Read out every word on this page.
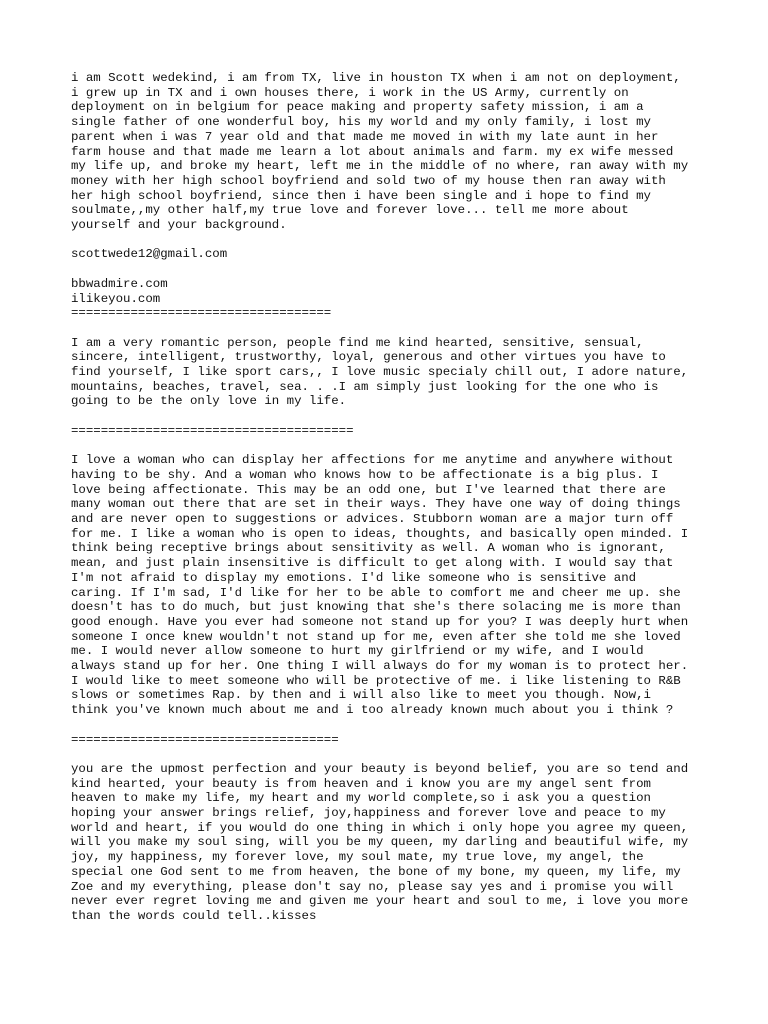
i am Scott wedekind, i am from TX, live in houston TX when i am not on deployment,

i grew up in TX and i own houses there, i work in the US Army, currently on

deployment on in belgium for peace making and property safety mission, i am a

single father of one wonderful boy, his my world and my only family, i lost my

parent when i was 7 year old and that made me moved in with my late aunt in her

farm house and that made me learn a lot about animals and farm. my ex wife messed

my life up, and broke my heart, left me in the middle of no where, ran away with my

money with her high school boyfriend and sold two of my house then ran away with

her high school boyfriend, since then i have been single and i hope to find my

soulmate,,my other half,my true love and forever love... tell me more about

yourself and your background.

scottwede12@gmail.com

bbwadmire.com

ilikeyou.com

===================================

I am a very romantic person, people find me kind hearted, sensitive, sensual,

sincere, intelligent, trustworthy, loyal, generous and other virtues you have to

find yourself, I like sport cars,, I love music specialy chill out, I adore nature,

mountains, beaches, travel, sea. . .I am simply just looking for the one who is

going to be the only love in my life.

======================================

I love a woman who can display her affections for me anytime and anywhere without

having to be shy. And a woman who knows how to be affectionate is a big plus. I

love being affectionate. This may be an odd one, but I've learned that there are

many woman out there that are set in their ways. They have one way of doing things

and are never open to suggestions or advices. Stubborn woman are a major turn off

for me. I like a woman who is open to ideas, thoughts, and basically open minded. I

think being receptive brings about sensitivity as well. A woman who is ignorant,

mean, and just plain insensitive is difficult to get along with. I would say that

I'm not afraid to display my emotions. I'd like someone who is sensitive and

caring. If I'm sad, I'd like for her to be able to comfort me and cheer me up. she

doesn't has to do much, but just knowing that she's there solacing me is more than

good enough. Have you ever had someone not stand up for you? I was deeply hurt when

someone I once knew wouldn't not stand up for me, even after she told me she loved

me. I would never allow someone to hurt my girlfriend or my wife, and I would

always stand up for her. One thing I will always do for my woman is to protect her.

I would like to meet someone who will be protective of me. i like listening to R&B

slows or sometimes Rap. by then and i will also like to meet you though. Now,i

think you've known much about me and i too already known much about you i think ?

====================================

you are the upmost perfection and your beauty is beyond belief, you are so tend and

kind hearted, your beauty is from heaven and i know you are my angel sent from

heaven to make my life, my heart and my world complete,so i ask you a question

hoping your answer brings relief, joy,happiness and forever love and peace to my

world and heart, if you would do one thing in which i only hope you agree my queen,

will you make my soul sing, will you be my queen, my darling and beautiful wife, my

joy, my happiness, my forever love, my soul mate, my true love, my angel, the

special one God sent to me from heaven, the bone of my bone, my queen, my life, my

Zoe and my everything, please don't say no, please say yes and i promise you will

never ever regret loving me and given me your heart and soul to me, i love you more

than the words could tell..kisses
